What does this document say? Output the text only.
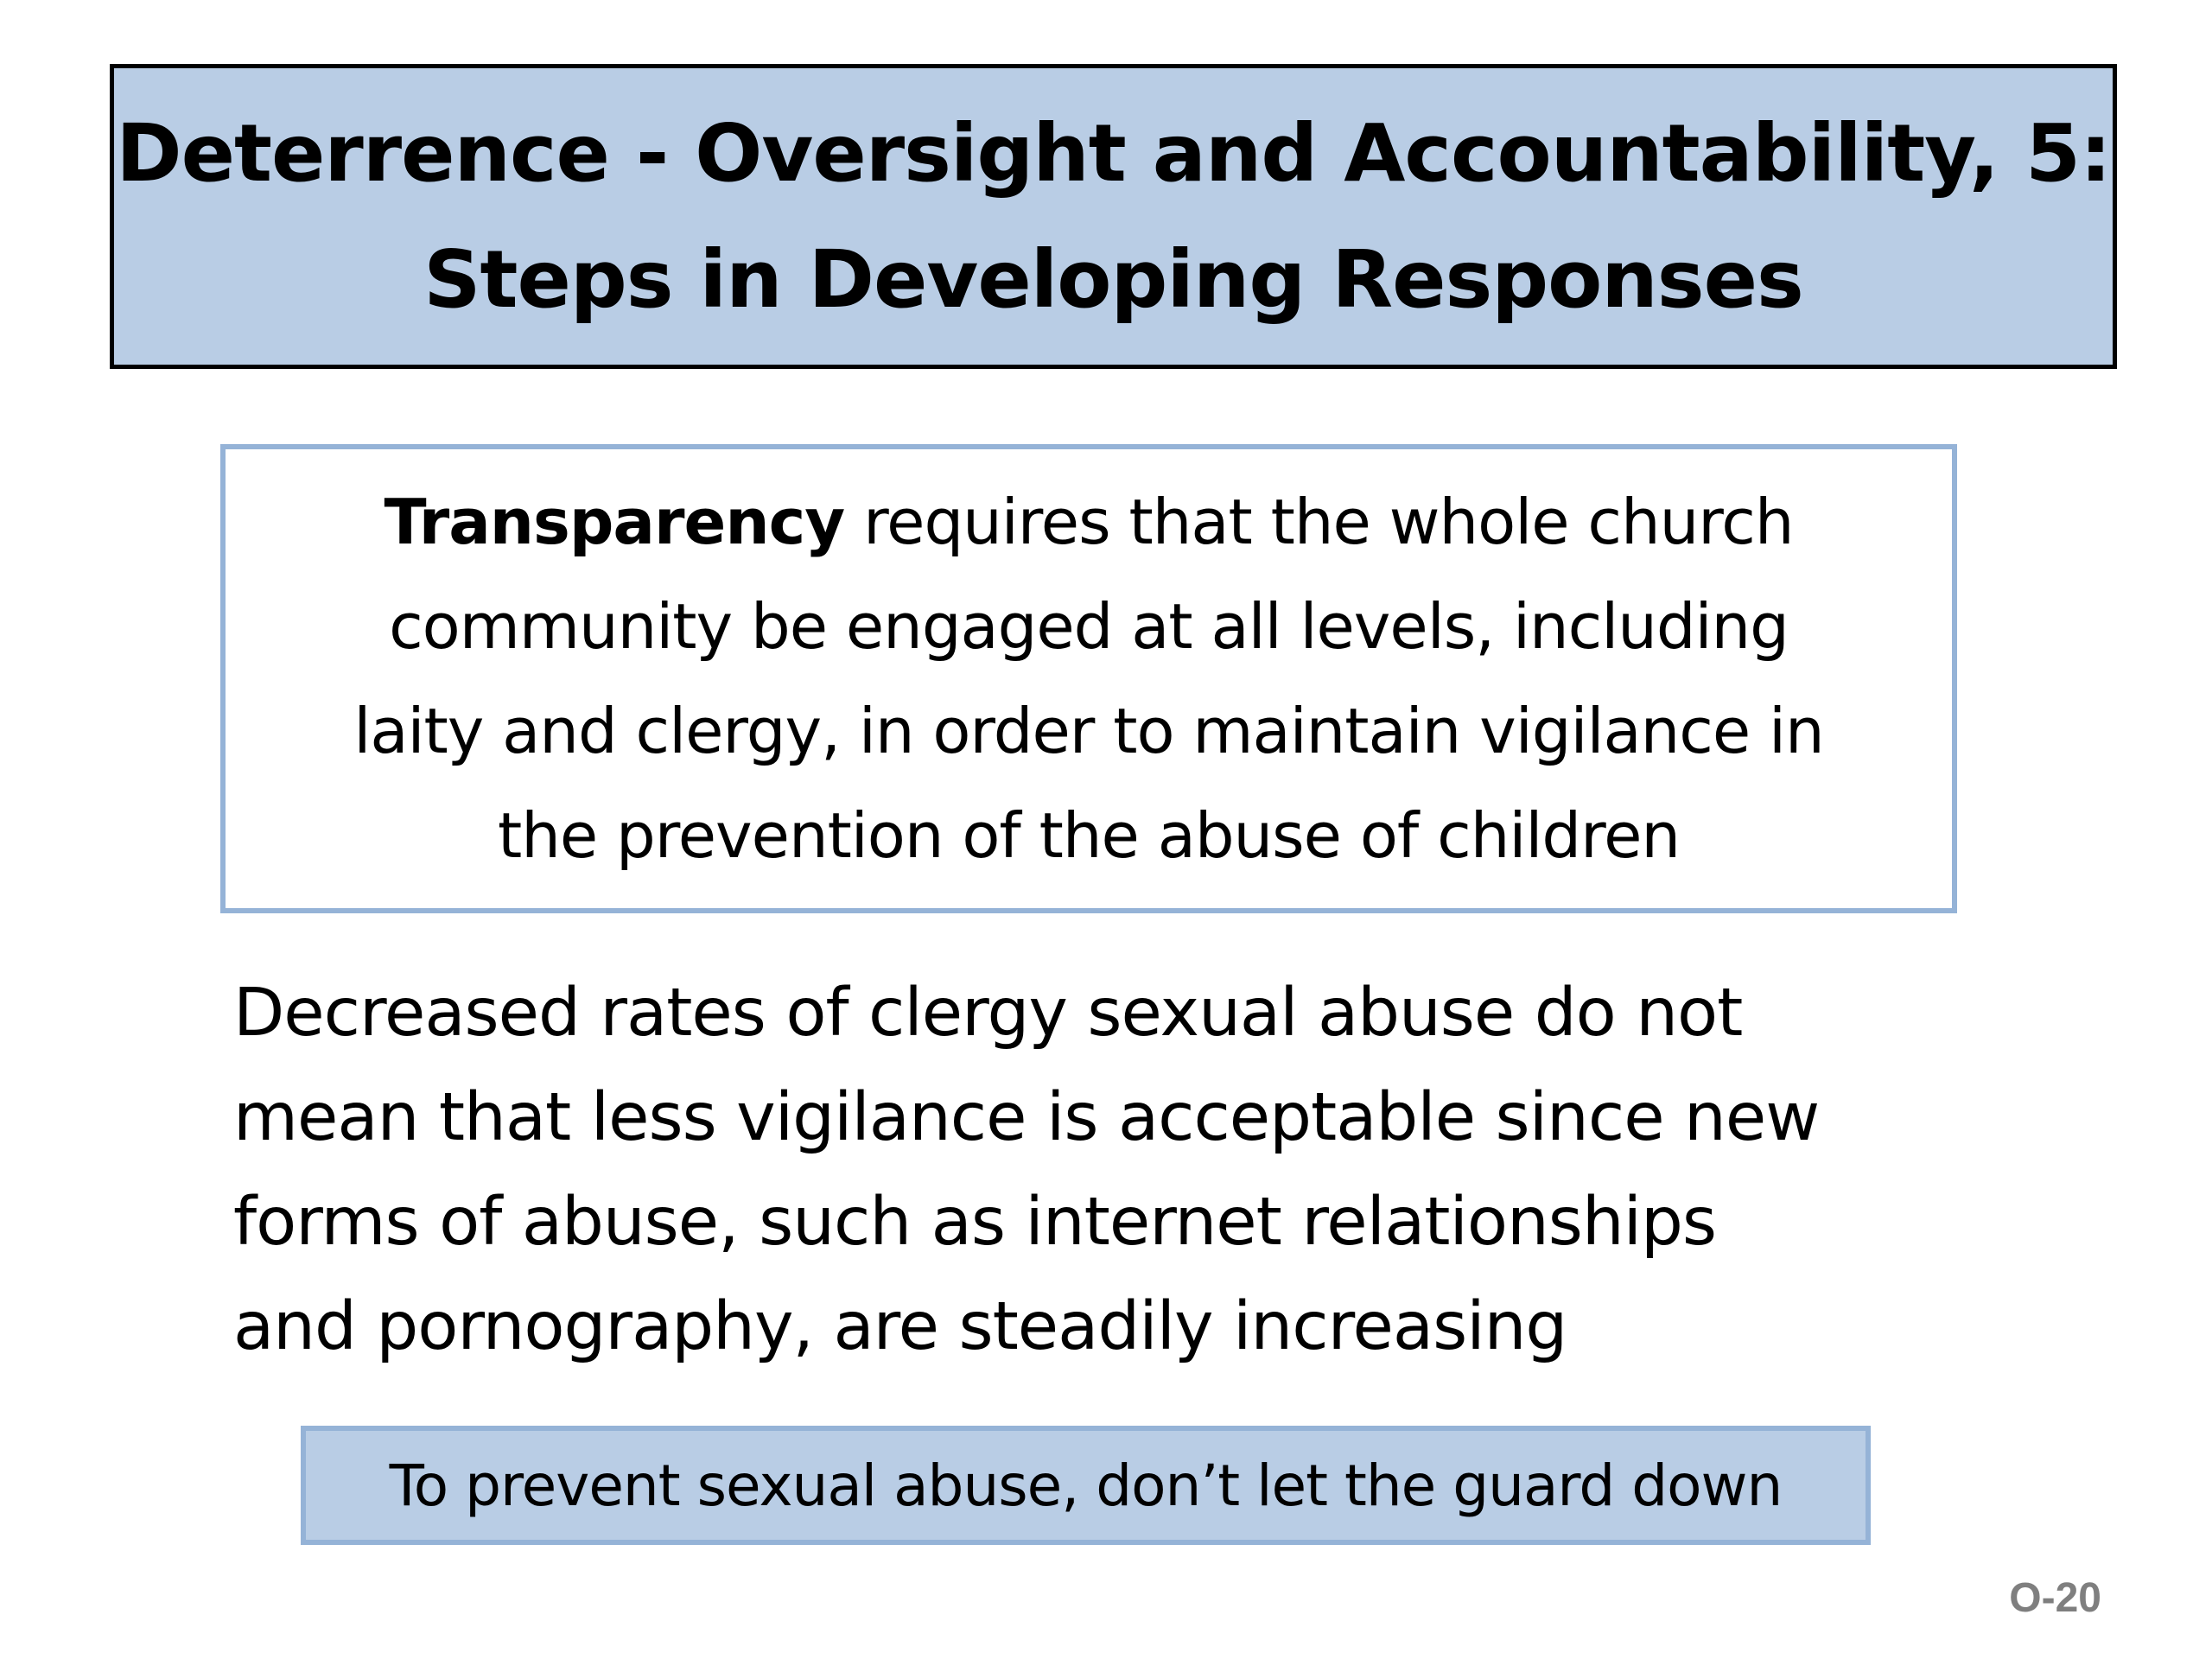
Deterrence - Oversight and Accountability, 5:
Steps in Developing Responses
Transparency requires that the whole church
community be engaged at all levels, including
laity and clergy, in order to maintain vigilance in
the prevention of the abuse of children
Decreased rates of clergy sexual abuse do not
mean that less vigilance is acceptable since new
forms of abuse, such as internet relationships
and pornography, are steadily increasing
To prevent sexual abuse, don’t let the guard down
O-20
